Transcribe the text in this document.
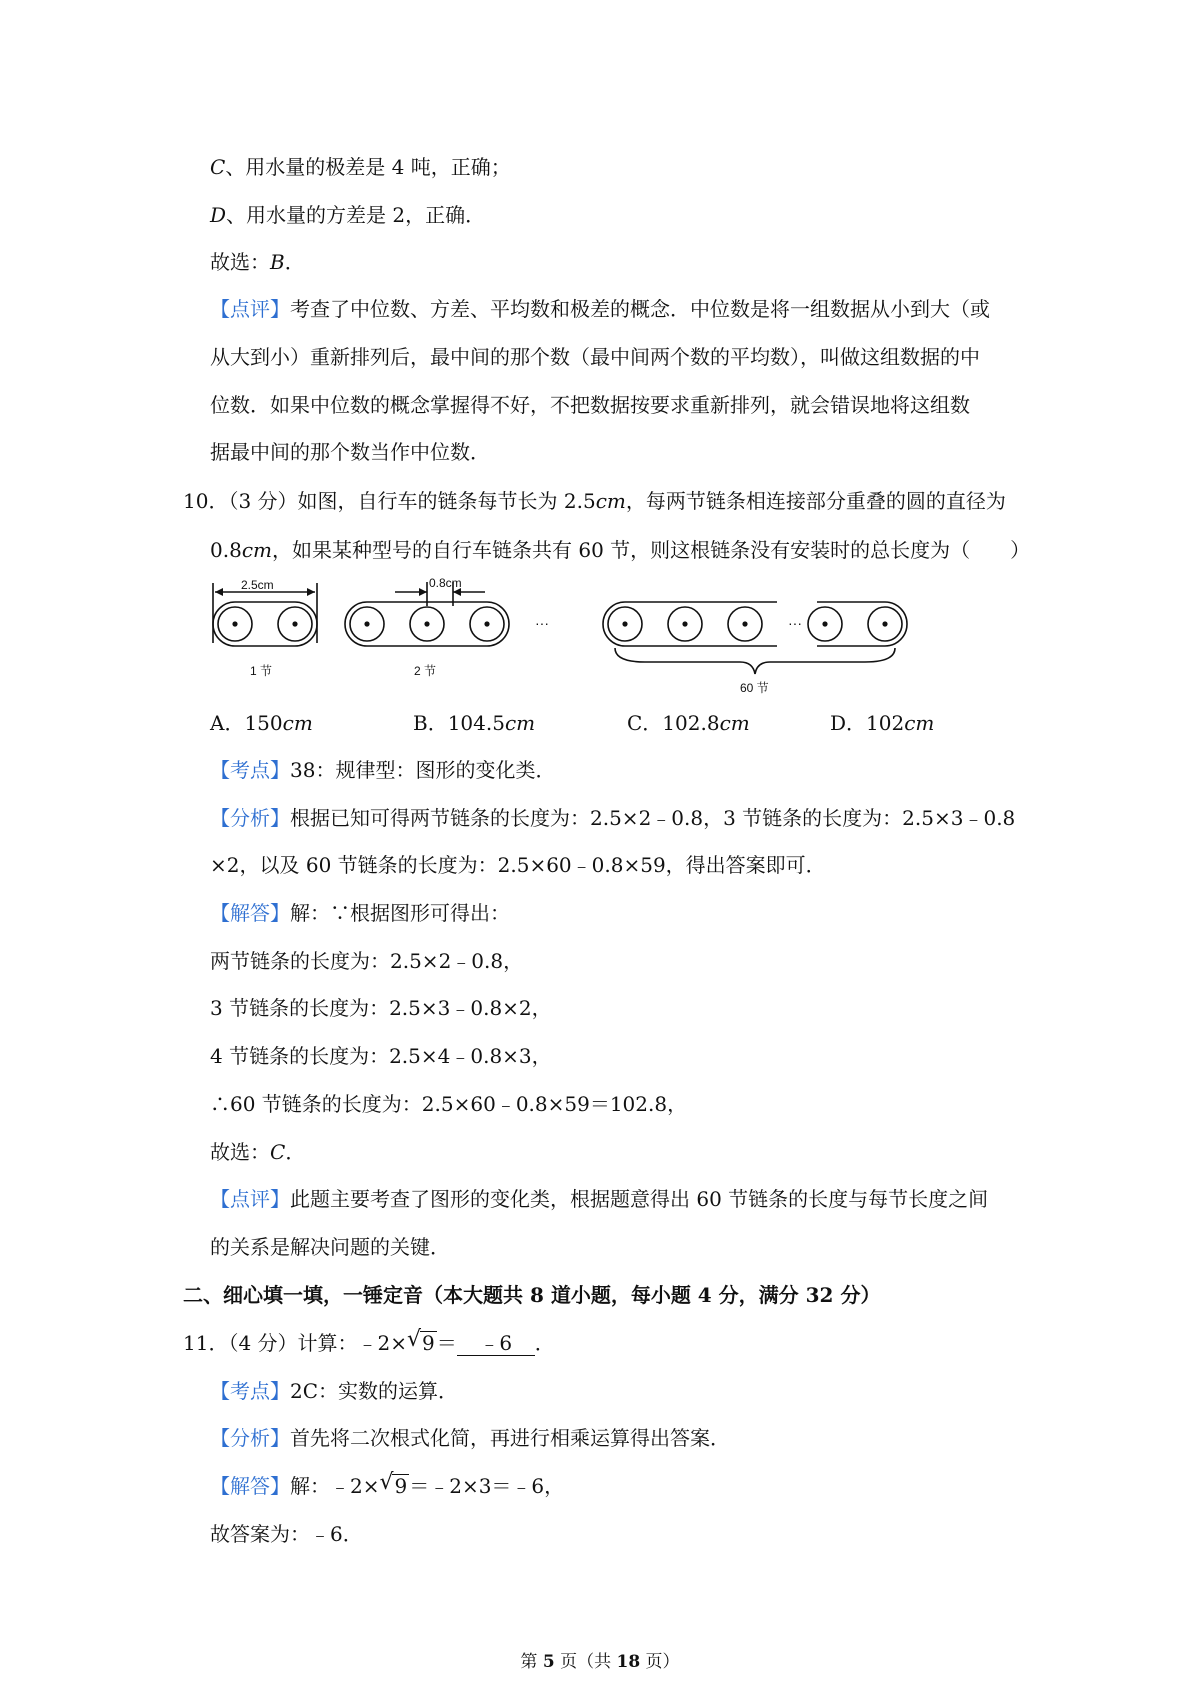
C、用水量的极差是 4 吨，正确；
D、用水量的方差是 2，正确．
故选：B．
【点评】考查了中位数、方差、平均数和极差的概念．中位数是将一组数据从小到大（或
从大到小）重新排列后，最中间的那个数（最中间两个数的平均数），叫做这组数据的中
位数．如果中位数的概念掌握得不好，不把数据按要求重新排列，就会错误地将这组数
据最中间的那个数当作中位数．
10．（3 分）如图，自行车的链条每节长为 2.5cm，每两节链条相连接部分重叠的圆的直径为
0.8cm，如果某种型号的自行车链条共有 60 节，则这根链条没有安装时的总长度为（　　）
2.5cm	0.8cm
1 节	2 节
···	···
60 节
A．150cm	B．104.5cm	C．102.8cm	D．102cm
【考点】38：规律型：图形的变化类．
【分析】根据已知可得两节链条的长度为：2.5×2﹣0.8，3 节链条的长度为：2.5×3﹣0.8
×2，以及 60 节链条的长度为：2.5×60﹣0.8×59，得出答案即可．
【解答】解：∵根据图形可得出：
两节链条的长度为：2.5×2﹣0.8，
3 节链条的长度为：2.5×3﹣0.8×2，
4 节链条的长度为：2.5×4﹣0.8×3，
∴60 节链条的长度为：2.5×60﹣0.8×59＝102.8，
故选：C．
【点评】此题主要考查了图形的变化类，根据题意得出 60 节链条的长度与每节长度之间
的关系是解决问题的关键．
二、细心填一填，一锤定音（本大题共 8 道小题，每小题 4 分，满分 32 分）
11．（4 分）计算：﹣2× √ 9 ＝ ﹣6 ．
【考点】2C：实数的运算．
【分析】首先将二次根式化简，再进行相乘运算得出答案．
【解答】解：﹣2× √ 9 ＝﹣2×3＝﹣6，
故答案为：﹣6．
第 5 页（共 18 页）
